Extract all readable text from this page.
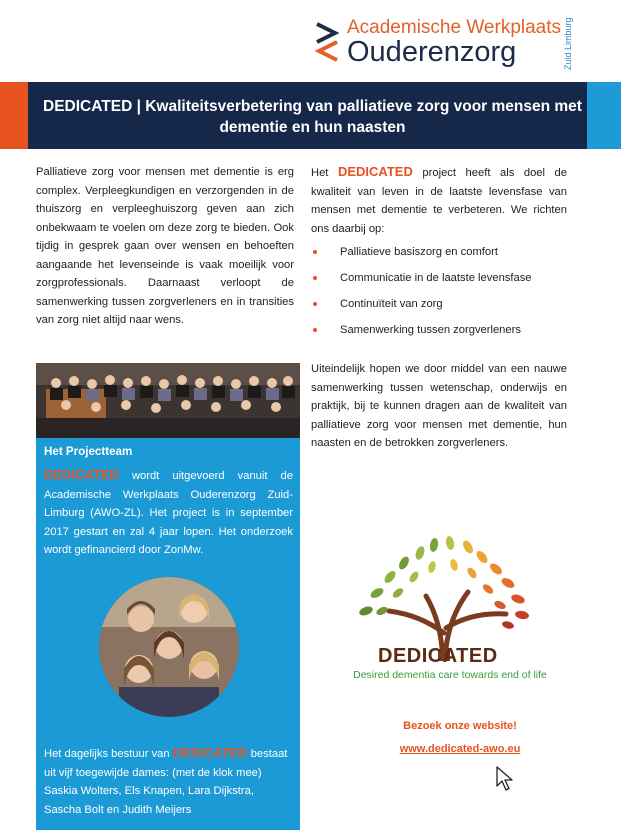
Academische Werkplaats
Ouderenzorg	Zuid Limburg
DEDICATED | Kwaliteitsverbetering van palliatieve zorg voor mensen met dementie en hun naasten
Palliatieve zorg voor mensen met dementie is erg complex. Verpleegkundigen en verzorgenden in de thuiszorg en verpleeghuiszorg geven aan zich onbekwaam te voelen om deze zorg te bieden. Ook tijdig in gesprek gaan over wensen en behoeften aangaande het levenseinde is vaak moeilijk voor zorgprofessionals. Daarnaast verloopt de samenwerking tussen zorgverleners en in transities van zorg niet altijd naar wens.
Het DEDICATED project heeft als doel de kwaliteit van leven in de laatste levensfase van mensen met dementie te verbeteren. We richten ons daarbij op:
Palliatieve basiszorg en comfort
Communicatie in de laatste levensfase
Continuïteit van zorg
Samenwerking tussen zorgverleners
Uiteindelijk hopen we door middel van een nauwe samenwerking tussen wetenschap, onderwijs en praktijk, bij te kunnen dragen aan de kwaliteit van palliatieve zorg voor mensen met dementie, hun naasten en de betrokken zorgverleners.
Het Projectteam
DEDICATED wordt uitgevoerd vanuit de Academische Werkplaats Ouderenzorg Zuid-Limburg (AWO-ZL). Het project is in september 2017 gestart en zal 4 jaar lopen. Het onderzoek wordt gefinancierd door ZonMw.
Het dagelijks bestuur van DEDICATED bestaat uit vijf toegewijde dames: (met de klok mee) Saskia Wolters, Els Knapen, Lara Dijkstra, Sascha Bolt en Judith Meijers
DEDICATED
Desired dementia care towards end of life
Bezoek onze website!
www.dedicated-awo.eu
